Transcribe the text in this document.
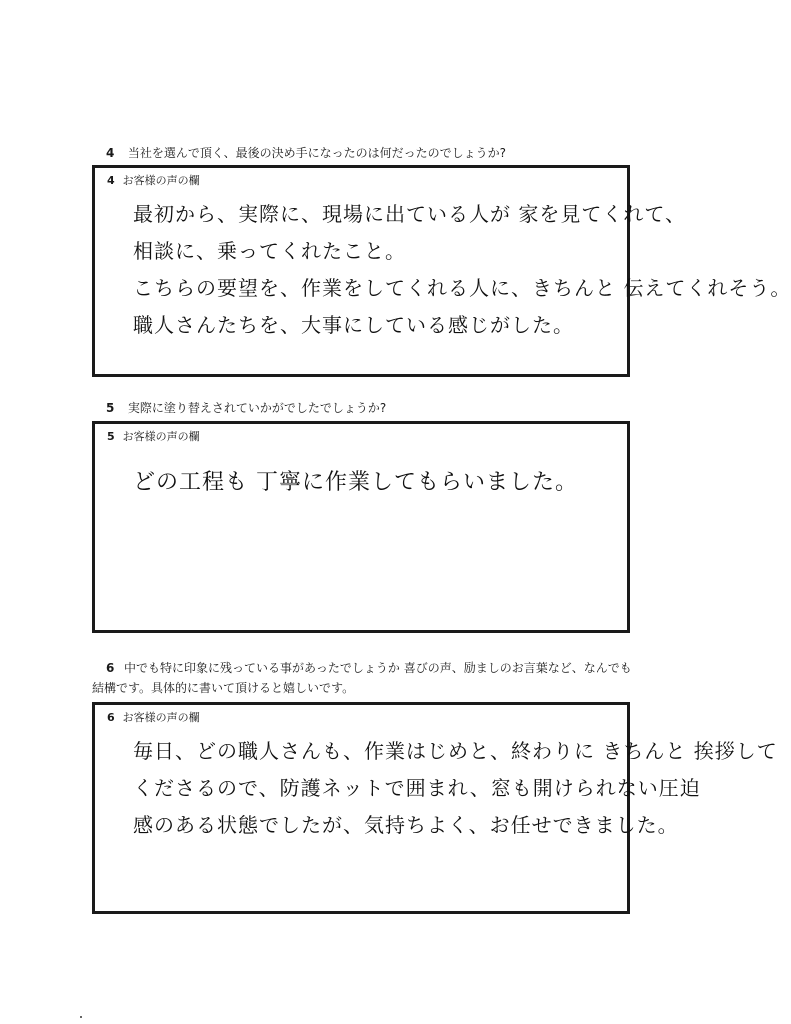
4 当社を選んで頂く、最後の決め手になったのは何だったのでしょうか?
4 お客様の声の欄
最初から、実際に、現場に出ている人が 家を見てくれて、
相談に、乗ってくれたこと。
こちらの要望を、作業をしてくれる人に、きちんと 伝えてくれそう。
職人さんたちを、大事にしている感じがした。
5 実際に塗り替えされていかがでしたでしょうか?
5 お客様の声の欄
どの工程も 丁寧に作業してもらいました。
6 中でも特に印象に残っている事があったでしょうか 喜びの声、励ましのお言葉など、なんでも結構です。具体的に書いて頂けると嬉しいです。
6 お客様の声の欄
毎日、どの職人さんも、作業はじめと、終わりに きちんと 挨拶して
くださるので、防護ネットで囲まれ、窓も開けられない圧迫
感のある状態でしたが、気持ちよく、お任せできました。
